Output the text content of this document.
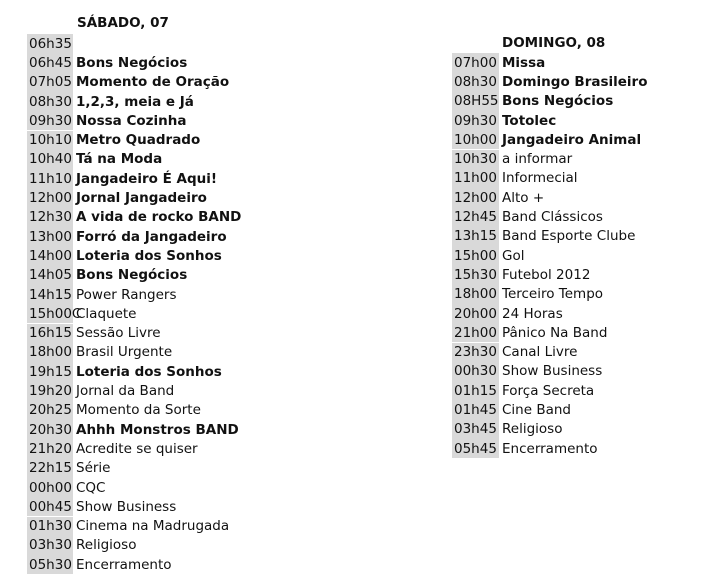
SÁBADO, 07
06h35
06h45 Bons Negócios
07h05 Momento de Oração
08h30 1,2,3, meia e Já
09h30 Nossa Cozinha
10h10 Metro Quadrado
10h40 Tá na Moda
11h10 Jangadeiro É Aqui!
12h00 Jornal Jangadeiro
12h30 A vida de rocko BAND
13h00 Forró da Jangadeiro
14h00 Loteria dos Sonhos
14h05 Bons Negócios
14h15 Power Rangers
15h00C
Claquete
16h15 Sessão Livre
18h00 Brasil Urgente
19h15 Loteria dos Sonhos
19h20 Jornal da Band
20h25 Momento da Sorte
20h30 Ahhh Monstros BAND
21h20 Acredite se quiser
22h15 Série
00h00 CQC
00h45 Show Business
01h30 Cinema na Madrugada
03h30 Religioso
05h30 Encerramento
DOMINGO, 08
07h00 Missa
08h30 Domingo Brasileiro
08H55 Bons Negócios
09h30 Totolec
10h00 Jangadeiro Animal
10h30 a informar
11h00 Informecial
12h00 Alto +
12h45 Band Clássicos
13h15 Band Esporte Clube
15h00 Gol
15h30 Futebol 2012
18h00 Terceiro Tempo
20h00 24 Horas
21h00 Pânico Na Band
23h30 Canal Livre
00h30 Show Business
01h15 Força Secreta
01h45 Cine Band
03h45 Religioso
05h45 Encerramento
